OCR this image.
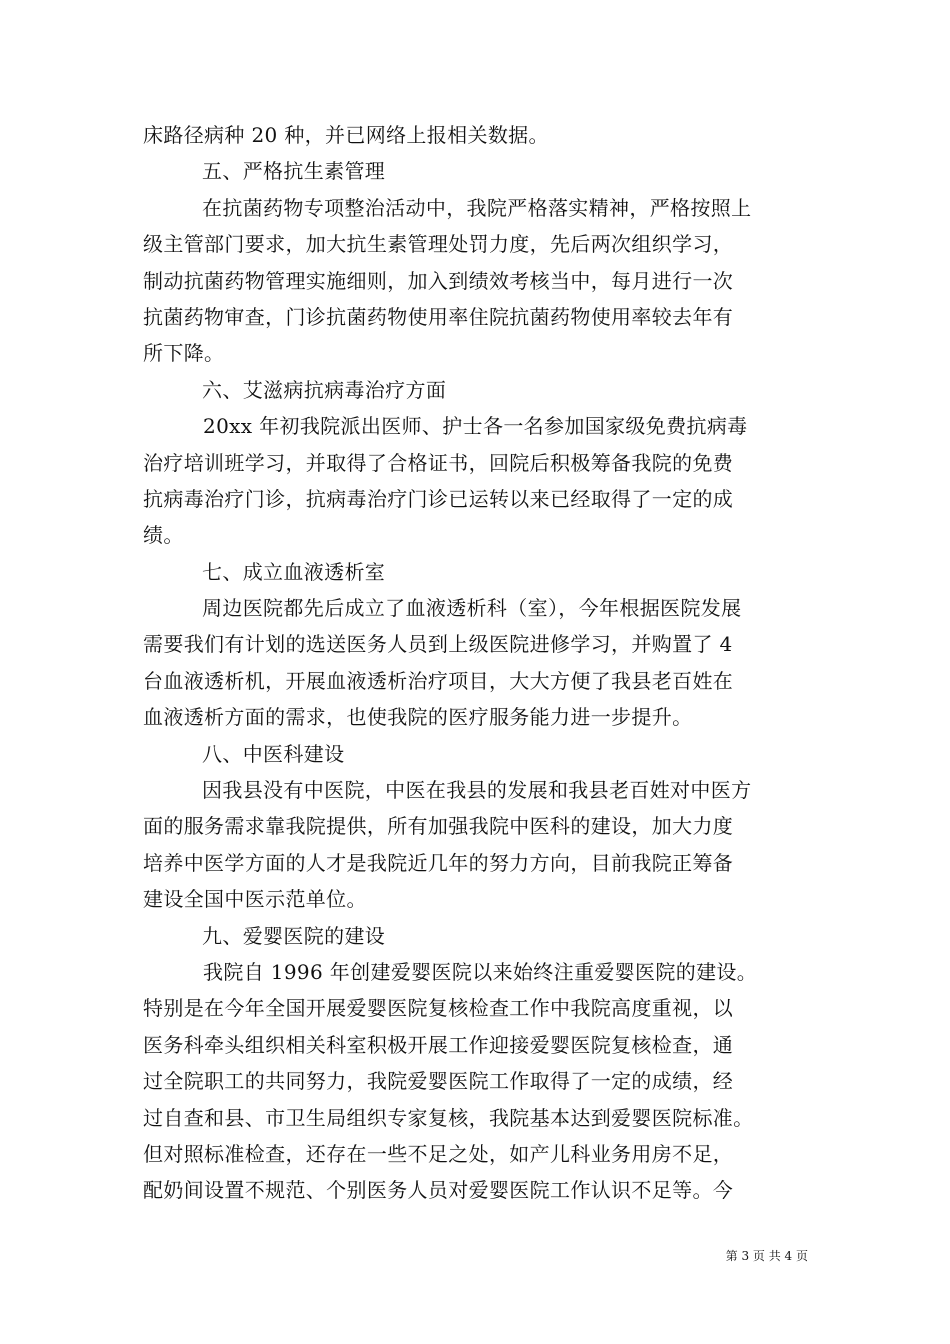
床路径病种 20 种，并已网络上报相关数据。
五、严格抗生素管理
在抗菌药物专项整治活动中，我院严格落实精神，严格按照上
级主管部门要求，加大抗生素管理处罚力度，先后两次组织学习，
制动抗菌药物管理实施细则，加入到绩效考核当中，每月进行一次
抗菌药物审查，门诊抗菌药物使用率住院抗菌药物使用率较去年有
所下降。
六、艾滋病抗病毒治疗方面
20xx 年初我院派出医师、护士各一名参加国家级免费抗病毒
治疗培训班学习，并取得了合格证书，回院后积极筹备我院的免费
抗病毒治疗门诊，抗病毒治疗门诊已运转以来已经取得了一定的成
绩。
七、成立血液透析室
周边医院都先后成立了血液透析科（室），今年根据医院发展
需要我们有计划的选送医务人员到上级医院进修学习，并购置了 4
台血液透析机，开展血液透析治疗项目，大大方便了我县老百姓在
血液透析方面的需求，也使我院的医疗服务能力进一步提升。
八、中医科建设
因我县没有中医院，中医在我县的发展和我县老百姓对中医方
面的服务需求靠我院提供，所有加强我院中医科的建设，加大力度
培养中医学方面的人才是我院近几年的努力方向，目前我院正筹备
建设全国中医示范单位。
九、爱婴医院的建设
我院自 1996 年创建爱婴医院以来始终注重爱婴医院的建设。
特别是在今年全国开展爱婴医院复核检查工作中我院高度重视，以
医务科牵头组织相关科室积极开展工作迎接爱婴医院复核检查，通
过全院职工的共同努力，我院爱婴医院工作取得了一定的成绩，经
过自查和县、市卫生局组织专家复核，我院基本达到爱婴医院标准。
但对照标准检查，还存在一些不足之处，如产儿科业务用房不足，
配奶间设置不规范、个别医务人员对爱婴医院工作认识不足等。今
第 3 页 共 4 页
